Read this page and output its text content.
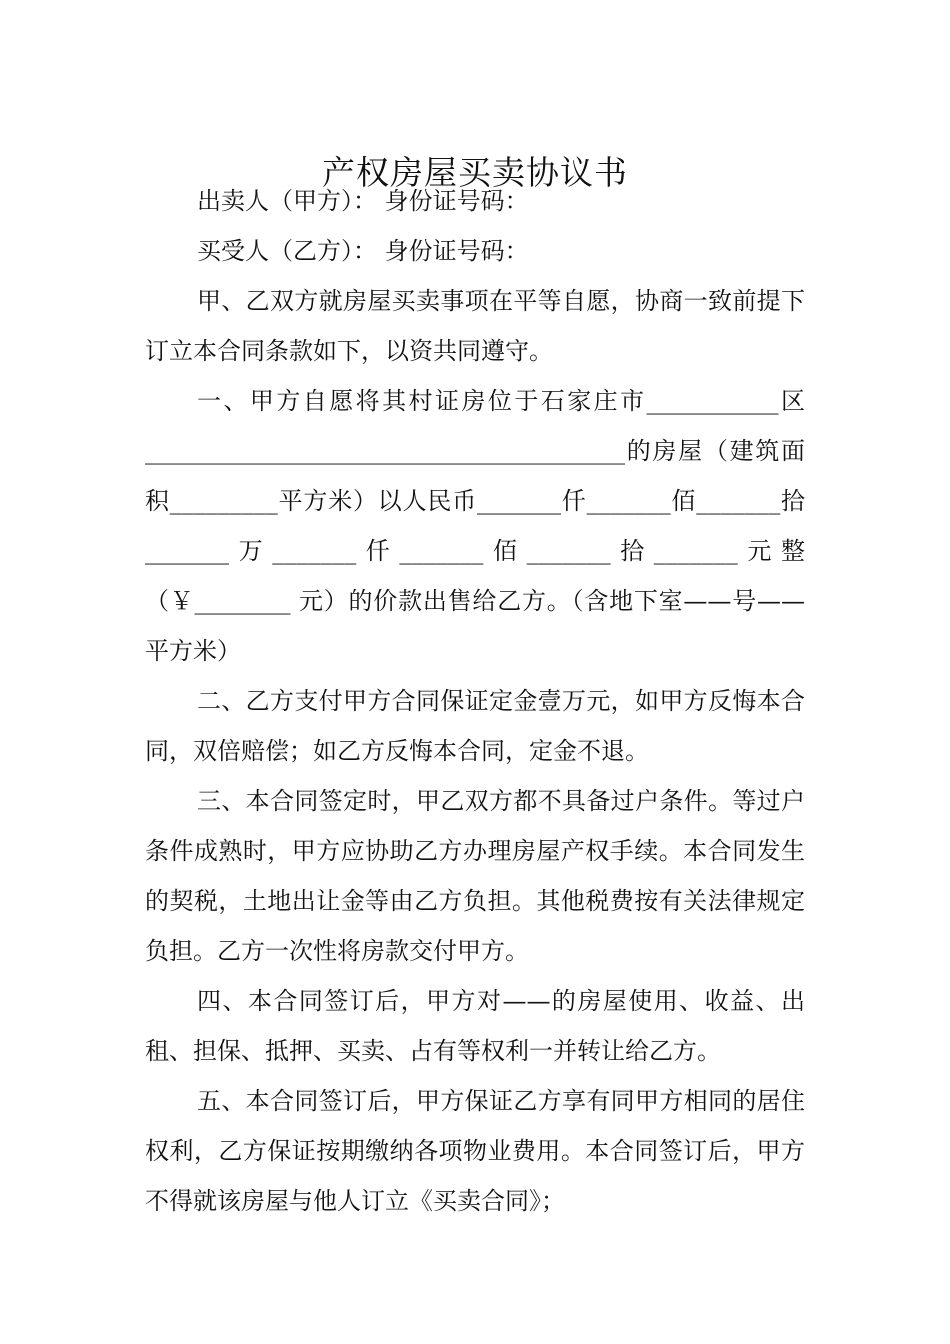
产权房屋买卖协议书

出卖人（甲方）： 身份证号码：

买受人（乙方）： 身份证号码：

甲、乙双方就房屋买卖事项在平等自愿，协商一致前提下订立本合同条款如下，以资共同遵守。

一、甲方自愿将其村证房位于石家庄市___________区________________________________________的房屋（建筑面积_________平方米）以人民币_______仟_______佰_______拾_______万_______仟_______佰_______拾_______元整（￥________ 元）的价款出售给乙方。（含地下室——号——平方米）

二、乙方支付甲方合同保证定金壹万元，如甲方反悔本合同，双倍赔偿；如乙方反悔本合同，定金不退。

三、本合同签定时，甲乙双方都不具备过户条件。等过户条件成熟时，甲方应协助乙方办理房屋产权手续。本合同发生的契税，土地出让金等由乙方负担。其他税费按有关法律规定负担。乙方一次性将房款交付甲方。

四、本合同签订后，甲方对——的房屋使用、收益、出租、担保、抵押、买卖、占有等权利一并转让给乙方。

五、本合同签订后，甲方保证乙方享有同甲方相同的居住权利，乙方保证按期缴纳各项物业费用。本合同签订后，甲方不得就该房屋与他人订立《买卖合同》；
